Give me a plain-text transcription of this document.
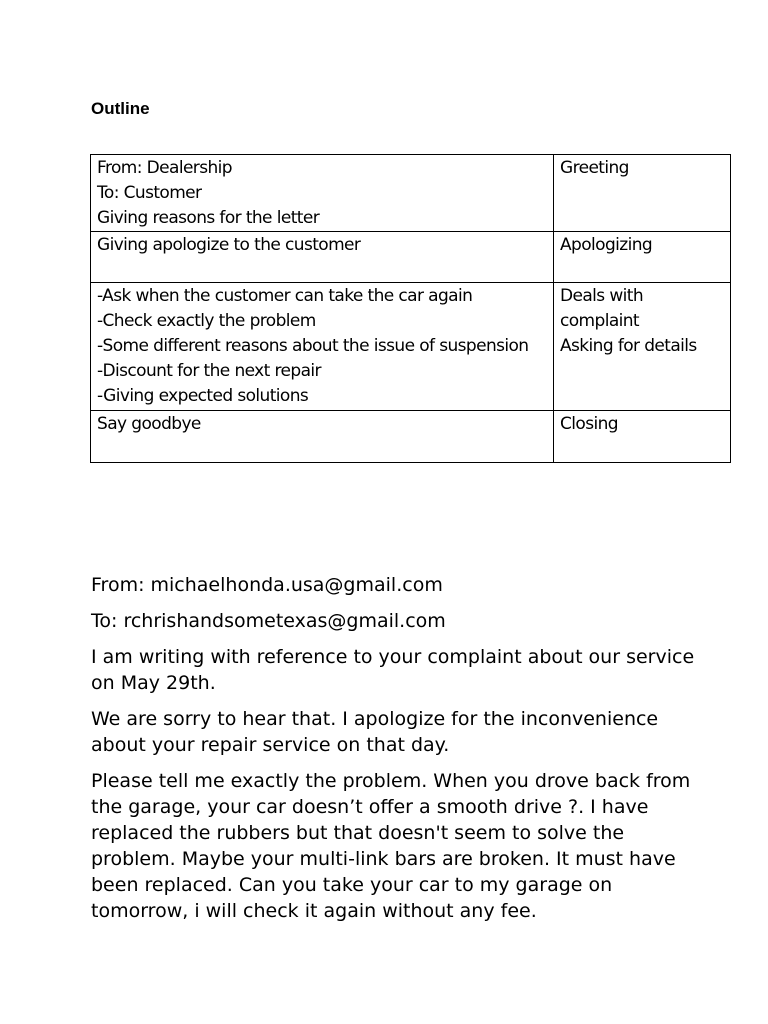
Outline
From: Dealership
To: Customer
Giving reasons for the letter	Greeting

Giving apologize to the customer	Apologizing

-Ask when the customer can take the car again
-Check exactly the problem
-Some different reasons about the issue of suspension
-Discount for the next repair
-Giving expected solutions	Deals with
complaint
Asking for details

Say goodbye	Closing

From: michaelhonda.usa@gmail.com

To: rchrishandsometexas@gmail.com

I am writing with reference to your complaint about our service on May 29th.

We are sorry to hear that. I apologize for the inconvenience about your repair service on that day.

Please tell me exactly the problem. When you drove back from the garage, your car doesn’t offer a smooth drive ?. I have replaced the rubbers but that doesn't seem to solve the problem. Maybe your multi-link bars are broken. It must have been replaced. Can you take your car to my garage on tomorrow, i will check it again without any fee.
